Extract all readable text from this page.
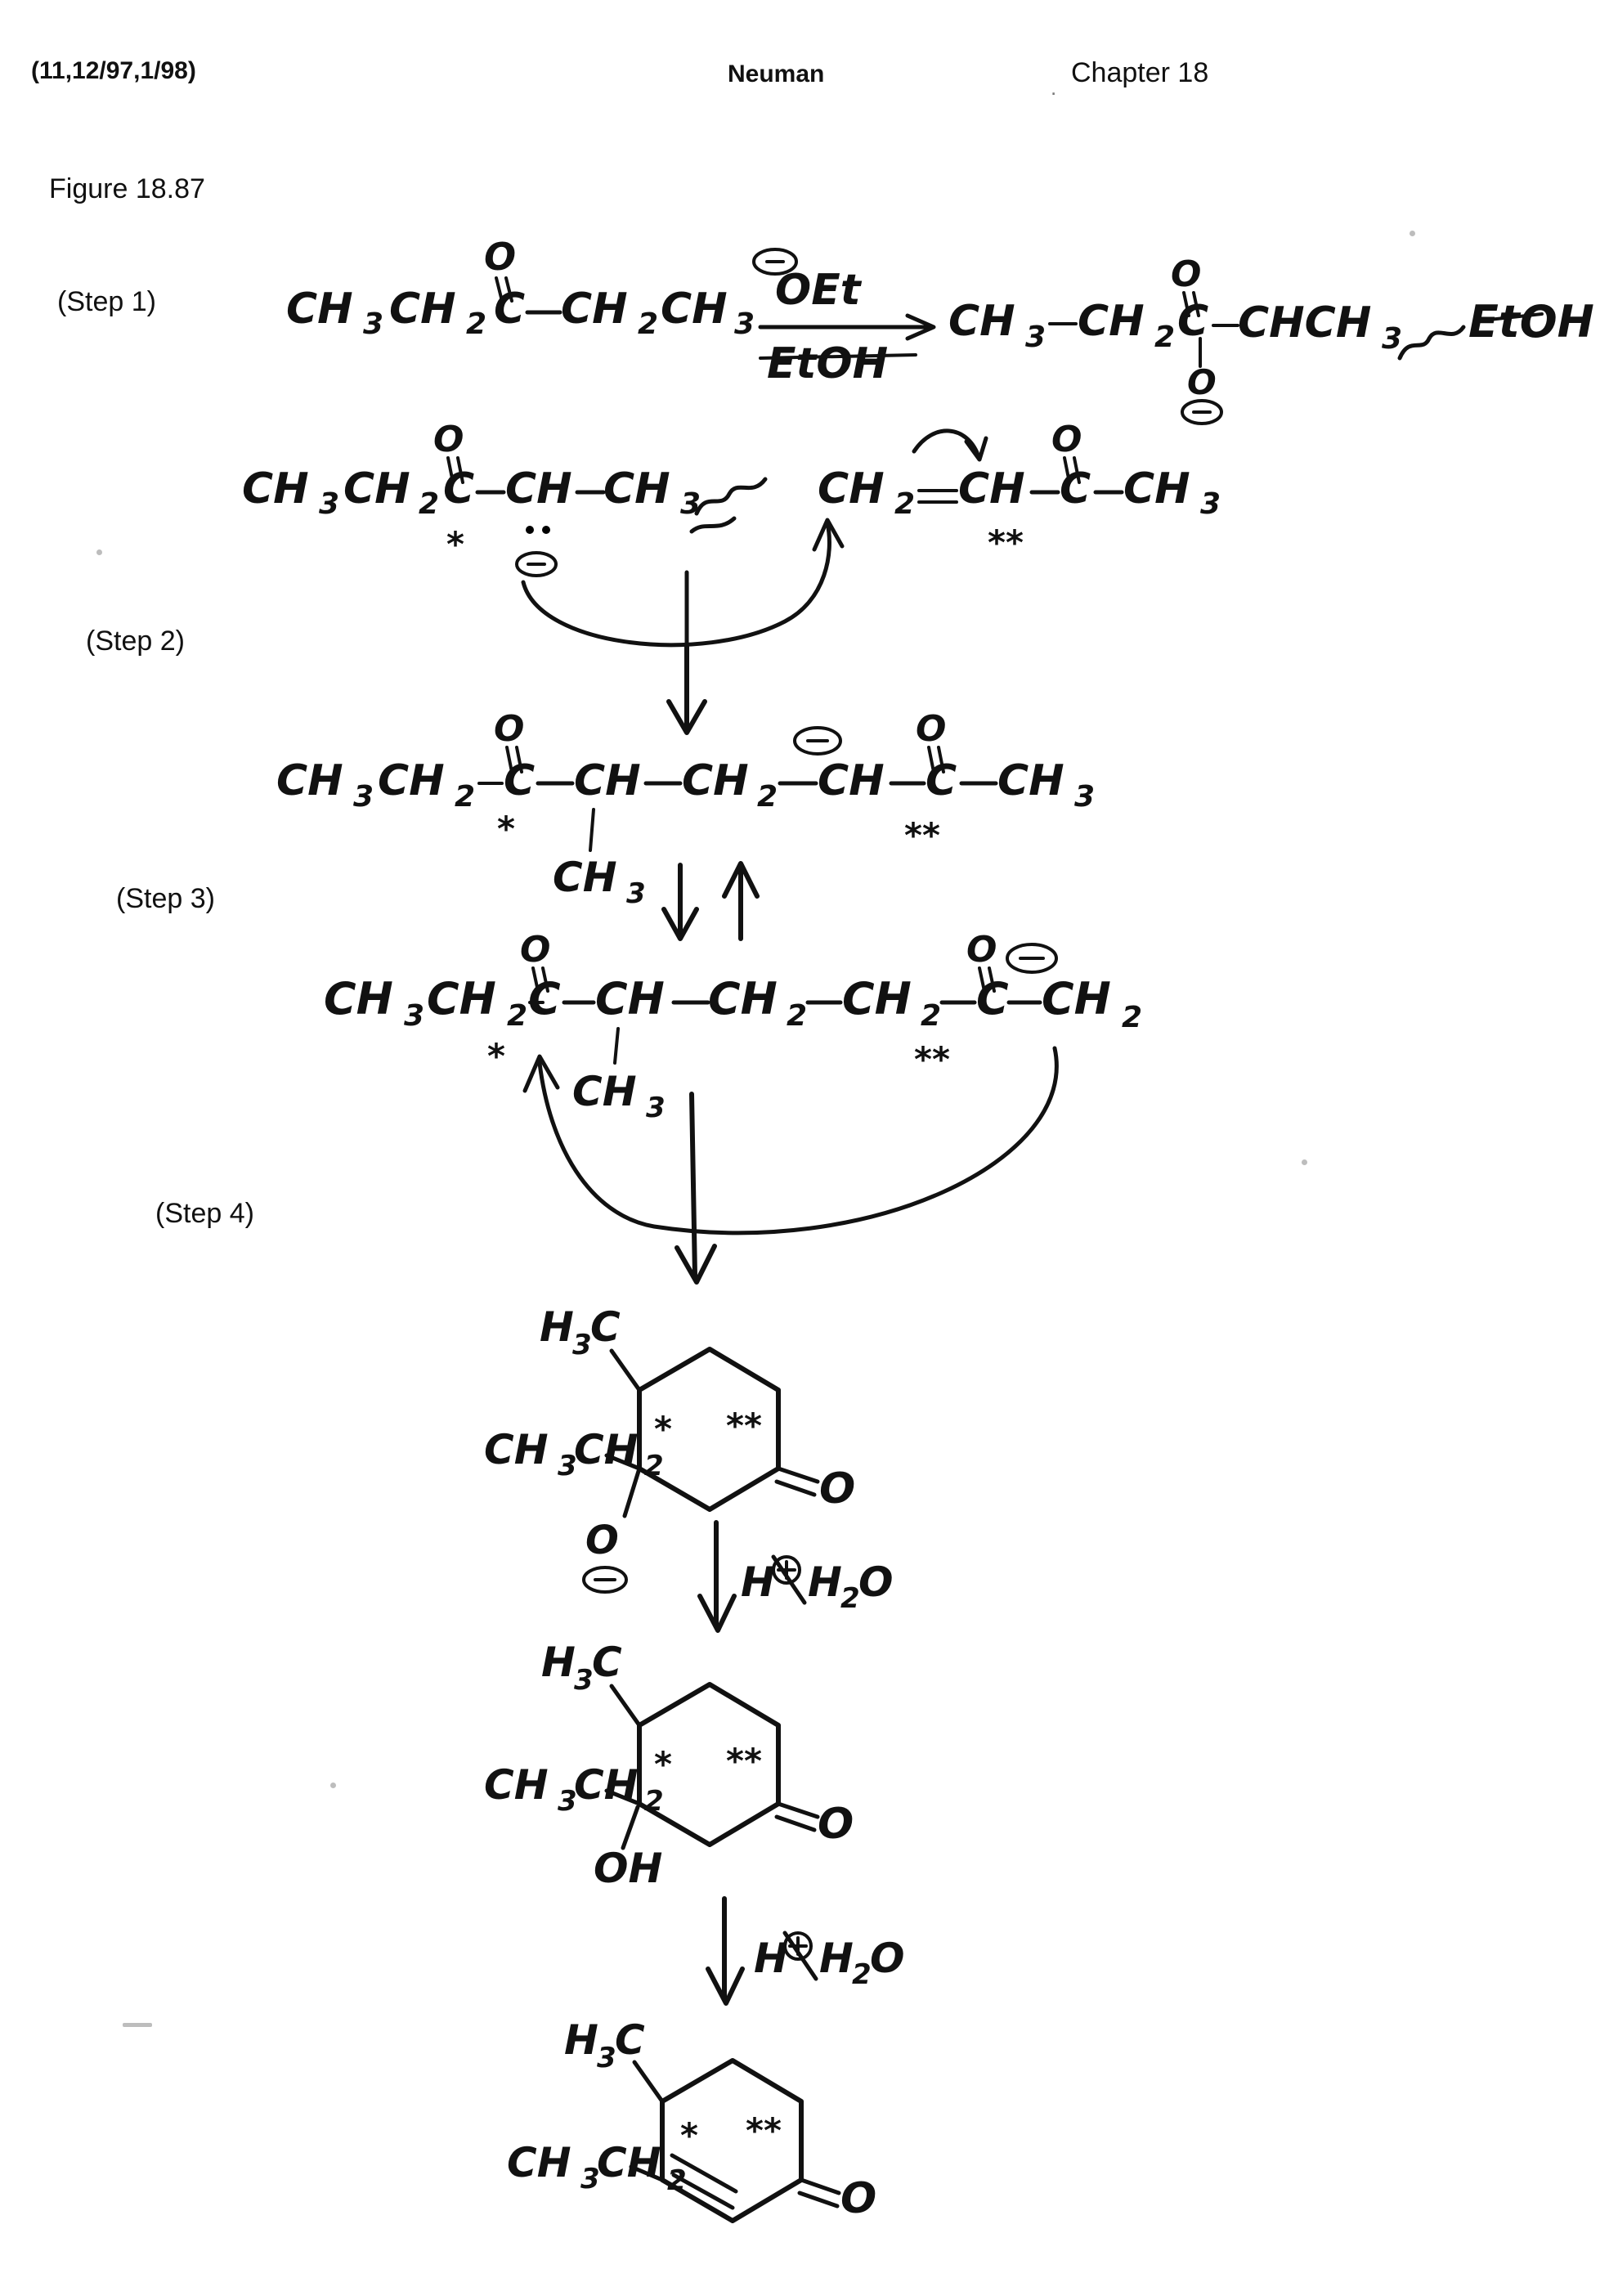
(11,12/97,1/98)	Neuman	. Chapter 18
Figure 18.87
(Step 1)
(Step 2)
(Step 3)
(Step 4)
CH 3 CH 2 C
O
CH 2 CH 3
OEt
EtOH
CH 3 CH 2 C
O
CHCH 3
O
EtOH
CH 3 CH 2 C
O
CH CH 3
*
CH 2 CH C
O
CH 3
**
CH 3 CH 2 C
O
CH CH 2 CH C
O
CH 3
CH 3
*	**
CH 3 CH 2 C
O
CH CH 2 CH 2 C
O
CH 2
CH 3
*	**
H
3
C
CH 3
CH 2
O
O
* **
H H
2
O
H
3
C
CH 3
CH 2
OH
O
* **
H H
2
O
H
3
C
CH 3
CH 2	O
* **
